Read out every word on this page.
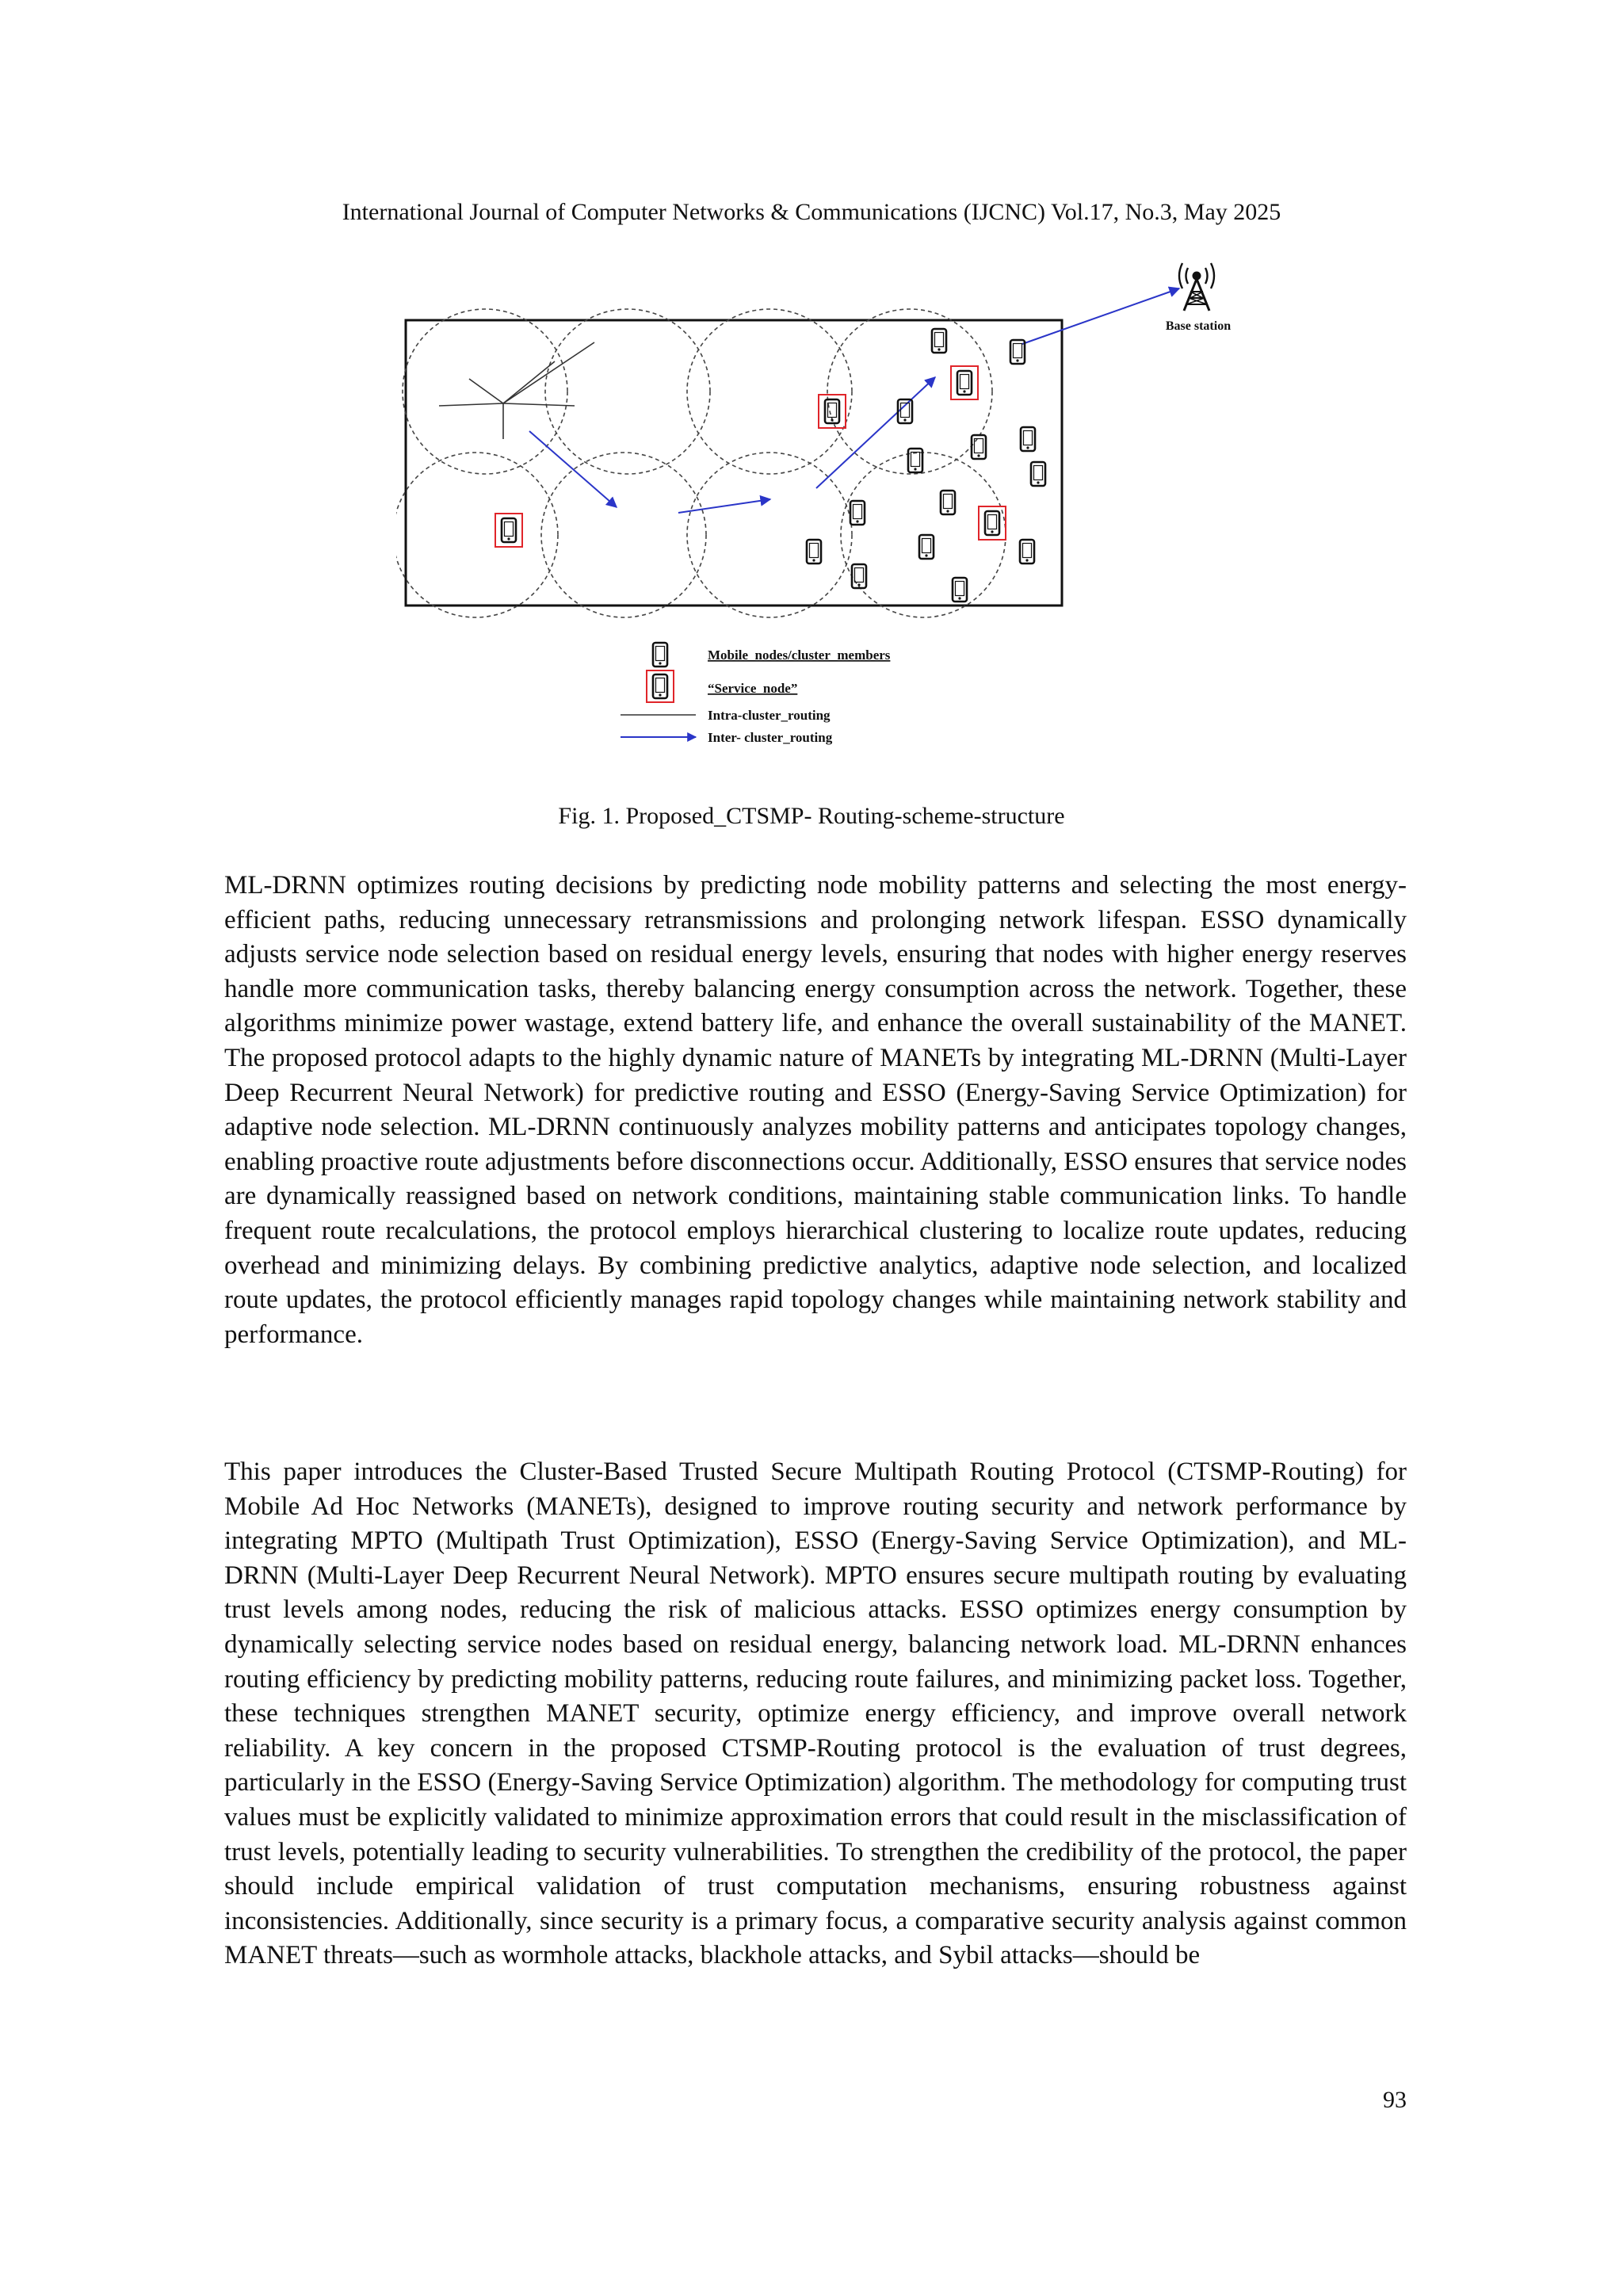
International Journal of Computer Networks & Communications (IJCNC) Vol.17, No.3, May 2025
Base station
Mobile_nodes/cluster_members
“Service_node”
Intra-cluster_routing
Inter- cluster_routing
Fig. 1. Proposed_CTSMP- Routing-scheme-structure

ML-DRNN optimizes routing decisions by predicting node mobility patterns and selecting the most energy-efficient paths, reducing unnecessary retransmissions and prolonging network lifespan. ESSO dynamically adjusts service node selection based on residual energy levels, ensuring that nodes with higher energy reserves handle more communication tasks, thereby balancing energy consumption across the network. Together, these algorithms minimize power wastage, extend battery life, and enhance the overall sustainability of the MANET. The proposed protocol adapts to the highly dynamic nature of MANETs by integrating ML-DRNN (Multi-Layer Deep Recurrent Neural Network) for predictive routing and ESSO (Energy-Saving Service Optimization) for adaptive node selection. ML-DRNN continuously analyzes mobility patterns and anticipates topology changes, enabling proactive route adjustments before disconnections occur. Additionally, ESSO ensures that service nodes are dynamically reassigned based on network conditions, maintaining stable communication links. To handle frequent route recalculations, the protocol employs hierarchical clustering to localize route updates, reducing overhead and minimizing delays. By combining predictive analytics, adaptive node selection, and localized route updates, the protocol efficiently manages rapid topology changes while maintaining network stability and performance.

This paper introduces the Cluster-Based Trusted Secure Multipath Routing Protocol (CTSMP-Routing) for Mobile Ad Hoc Networks (MANETs), designed to improve routing security and network performance by integrating MPTO (Multipath Trust Optimization), ESSO (Energy-Saving Service Optimization), and ML-DRNN (Multi-Layer Deep Recurrent Neural Network). MPTO ensures secure multipath routing by evaluating trust levels among nodes, reducing the risk of malicious attacks. ESSO optimizes energy consumption by dynamically selecting service nodes based on residual energy, balancing network load. ML-DRNN enhances routing efficiency by predicting mobility patterns, reducing route failures, and minimizing packet loss. Together, these techniques strengthen MANET security, optimize energy efficiency, and improve overall network reliability. A key concern in the proposed CTSMP-Routing protocol is the evaluation of trust degrees, particularly in the ESSO (Energy-Saving Service Optimization) algorithm. The methodology for computing trust values must be explicitly validated to minimize approximation errors that could result in the misclassification of trust levels, potentially leading to security vulnerabilities. To strengthen the credibility of the protocol, the paper should include empirical validation of trust computation mechanisms, ensuring robustness against inconsistencies. Additionally, since security is a primary focus, a comparative security analysis against common MANET threats—such as wormhole attacks, blackhole attacks, and Sybil attacks—should be

93
